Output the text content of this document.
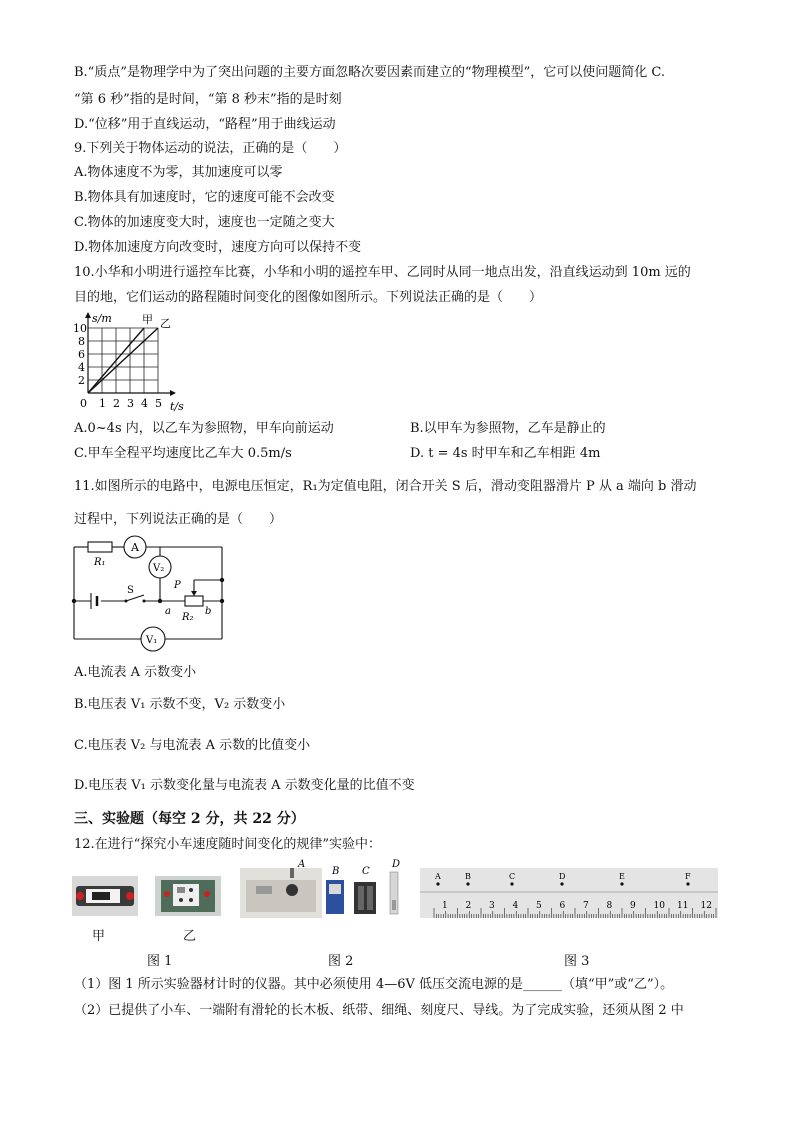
B.“质点”是物理学中为了突出问题的主要方面忽略次要因素而建立的“物理模型”，它可以使问题简化 C.
“第 6 秒”指的是时间，“第 8 秒末”指的是时刻
D.“位移”用于直线运动，“路程”用于曲线运动
9.下列关于物体运动的说法，正确的是（　　）
A.物体速度不为零，其加速度可以零
B.物体具有加速度时，它的速度可能不会改变
C.物体的加速度变大时，速度也一定随之变大
D.物体加速度方向改变时，速度方向可以保持不变
10.小华和小明进行遥控车比赛，小华和小明的遥控车甲、乙同时从同一地点出发，沿直线运动到 10m 远的
目的地，它们运动的路程随时间变化的图像如图所示。下列说法正确的是（　　）
s/m	甲 乙
10
8
6
4
2
0 1 2 3 4 5 t/s
A.0~4s 内，以乙车为参照物，甲车向前运动	B.以甲车为参照物，乙车是静止的
C.甲车全程平均速度比乙车大 0.5m/s	D. t = 4s 时甲车和乙车相距 4m
11.如图所示的电路中，电源电压恒定，R₁为定值电阻，闭合开关 S 后，滑动变阻器滑片 P 从 a 端向 b 滑动
过程中，下列说法正确的是（　　）
A
V₂
V₁
R₁
R₂
S	P
a	b
A.电流表 A 示数变小
B.电压表 V₁ 示数不变，V₂ 示数变小
C.电压表 V₂ 与电流表 A 示数的比值变小
D.电压表 V₁ 示数变化量与电流表 A 示数变化量的比值不变
三、实验题（每空 2 分，共 22 分）
12.在进行“探究小车速度随时间变化的规律”实验中：
A
B C
D
1 2 3 4 5 6 7 8 9 10 11 12
A	B	C	D	E	F
甲	乙
图 1	图 2	图 3
（1）图 1 所示实验器材计时的仪器。其中必须使用 4—6V 低压交流电源的是______（填“甲”或“乙”）。
（2）已提供了小车、一端附有滑轮的长木板、纸带、细绳、刻度尺、导线。为了完成实验，还须从图 2 中
